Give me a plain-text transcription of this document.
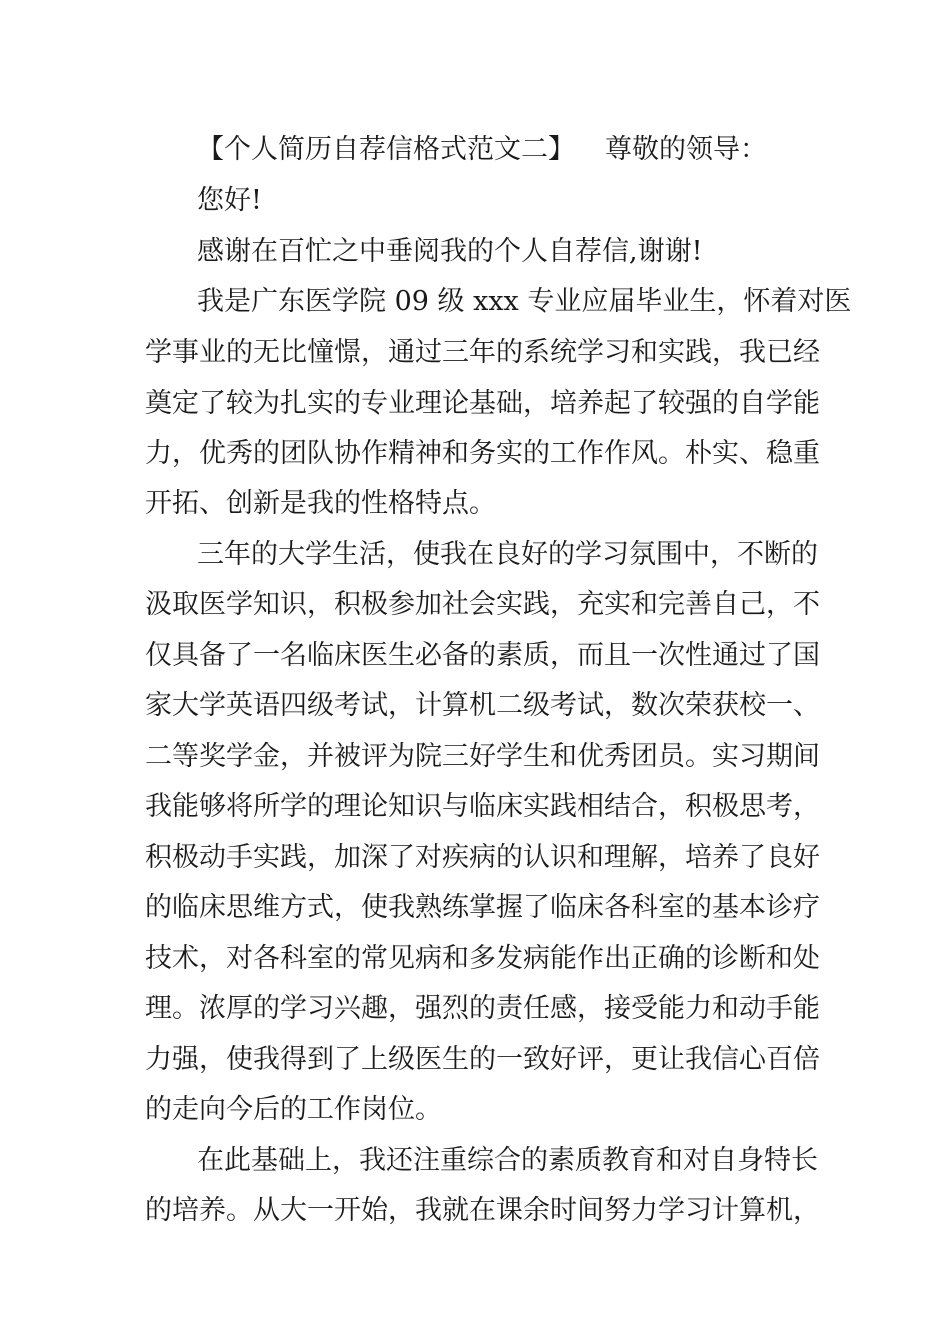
【个人简历自荐信格式范文二】 尊敬的领导：
您好!
感谢在百忙之中垂阅我的个人自荐信,谢谢!
我是广东医学院 09 级 xxx 专业应届毕业生，怀着对医
学事业的无比憧憬，通过三年的系统学习和实践，我已经
奠定了较为扎实的专业理论基础，培养起了较强的自学能
力，优秀的团队协作精神和务实的工作作风。朴实、稳重
开拓、创新是我的性格特点。
三年的大学生活，使我在良好的学习氛围中，不断的
汲取医学知识，积极参加社会实践，充实和完善自己，不
仅具备了一名临床医生必备的素质，而且一次性通过了国
家大学英语四级考试，计算机二级考试，数次荣获校一、
二等奖学金，并被评为院三好学生和优秀团员。实习期间
我能够将所学的理论知识与临床实践相结合，积极思考，
积极动手实践，加深了对疾病的认识和理解，培养了良好
的临床思维方式，使我熟练掌握了临床各科室的基本诊疗
技术，对各科室的常见病和多发病能作出正确的诊断和处
理。浓厚的学习兴趣，强烈的责任感，接受能力和动手能
力强，使我得到了上级医生的一致好评，更让我信心百倍
的走向今后的工作岗位。
在此基础上，我还注重综合的素质教育和对自身特长
的培养。从大一开始，我就在课余时间努力学习计算机，
